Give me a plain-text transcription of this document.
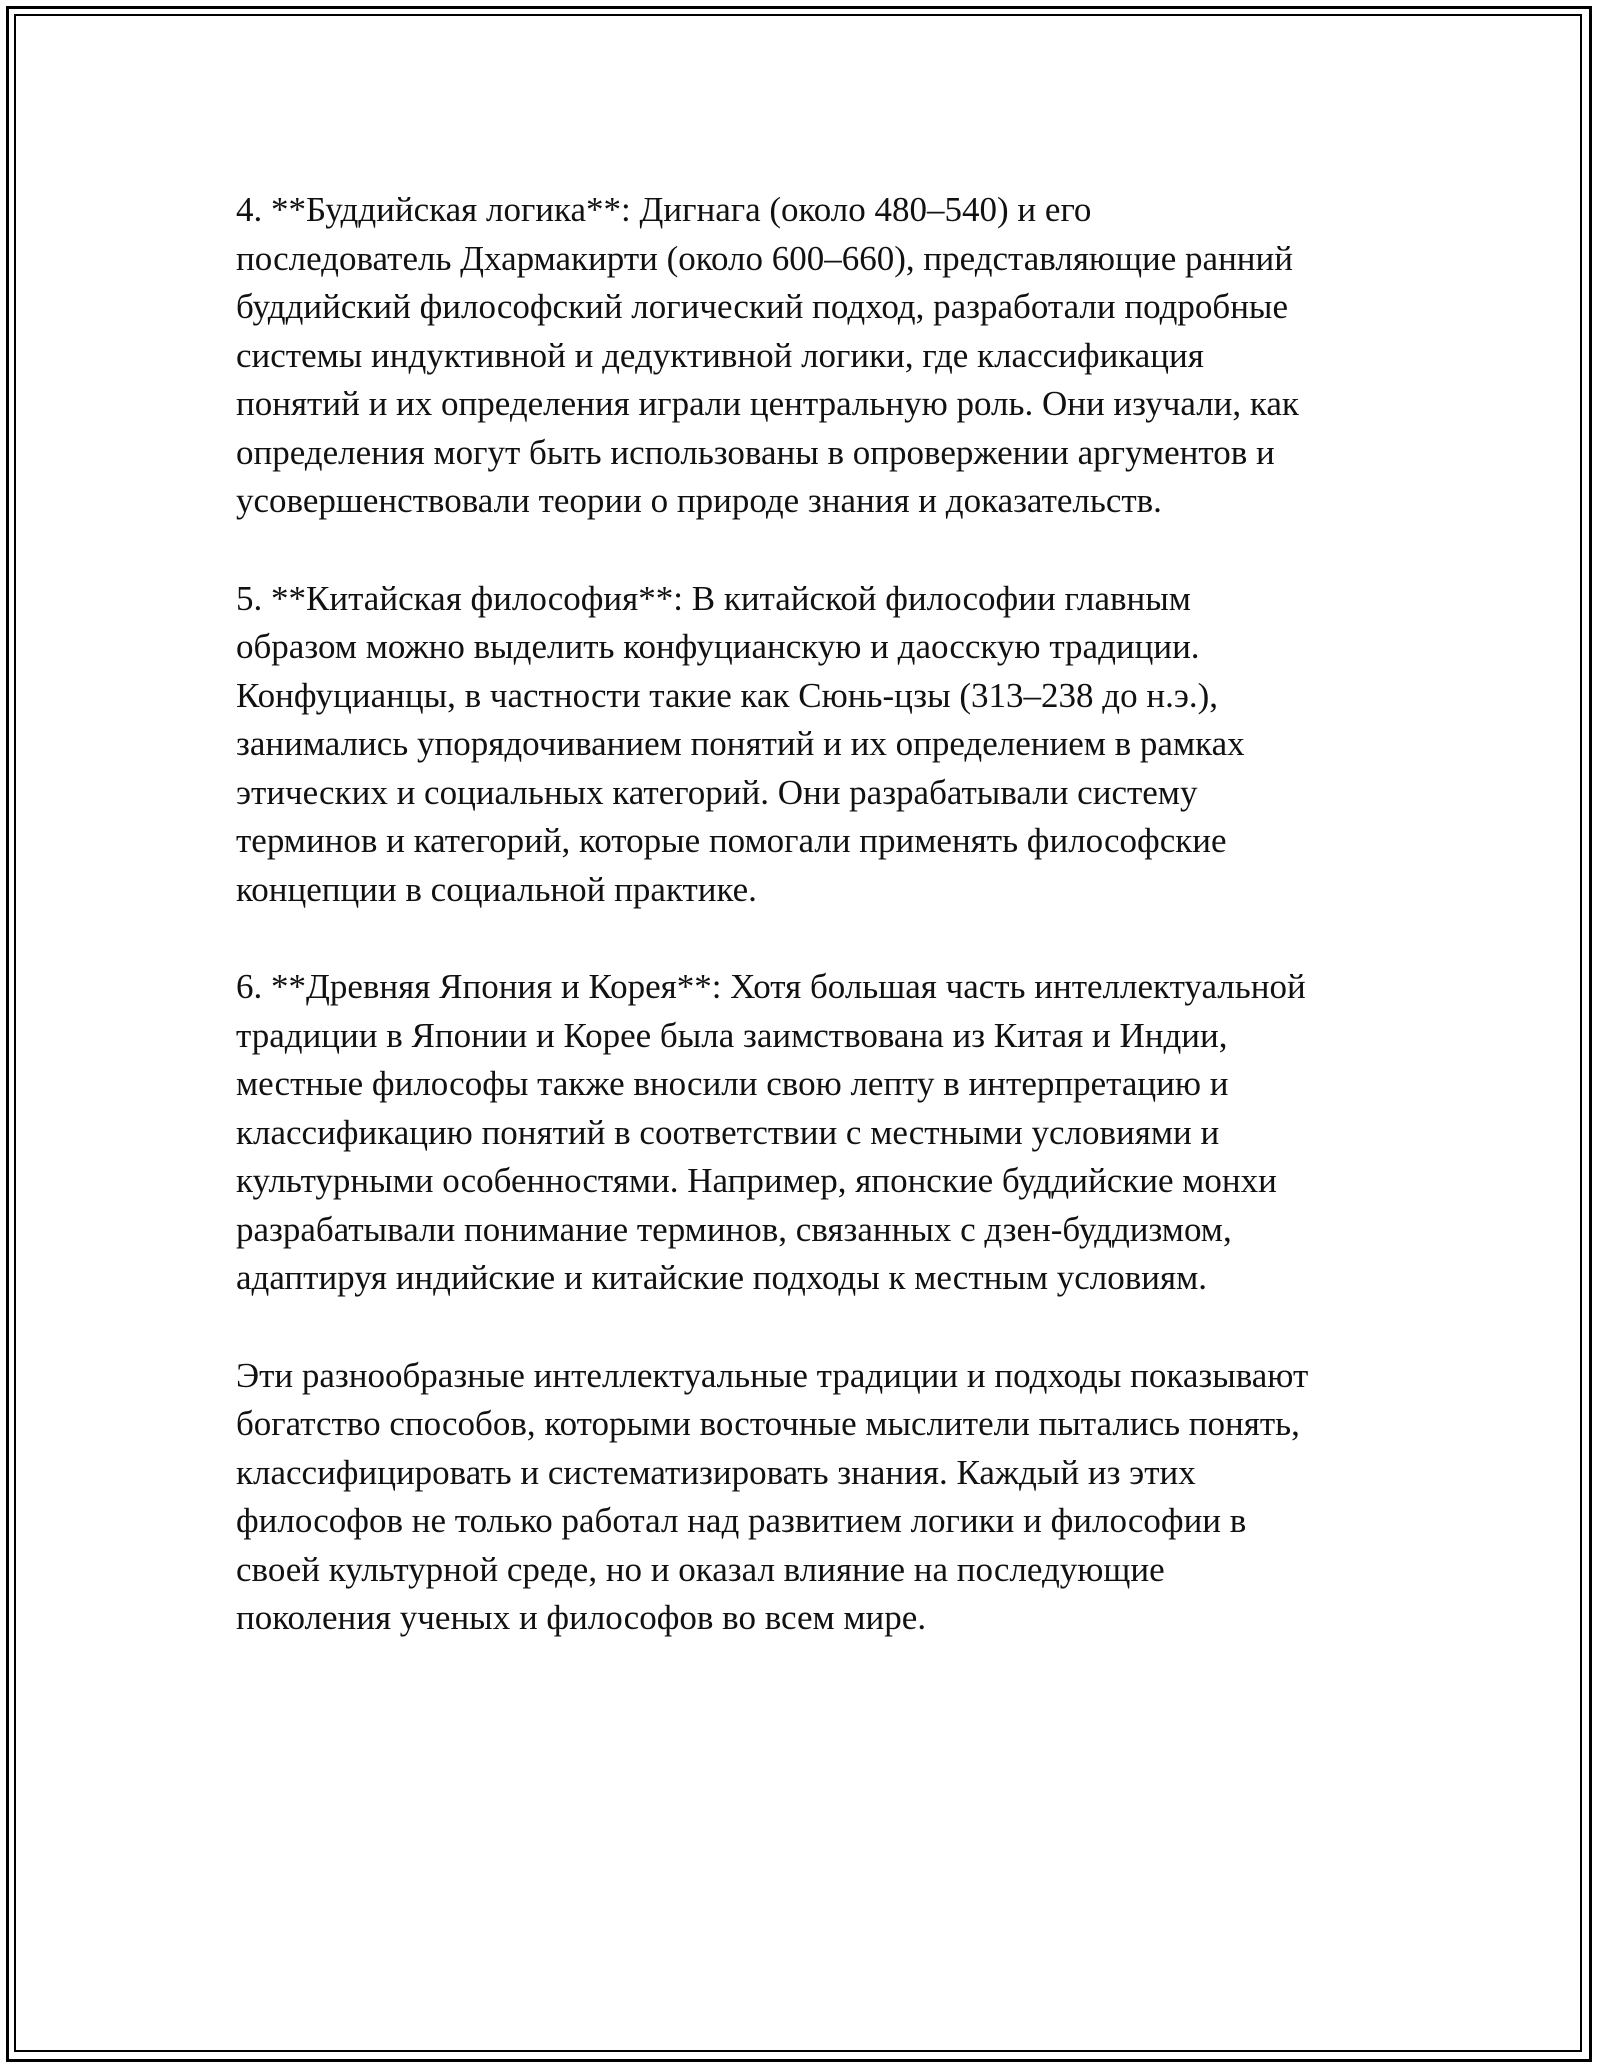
4. **Буддийская логика**: Дигнага (около 480–540) и его
последователь Дхармакирти (около 600–660), представляющие ранний
буддийский философский логический подход, разработали подробные
системы индуктивной и дедуктивной логики, где классификация
понятий и их определения играли центральную роль. Они изучали, как
определения могут быть использованы в опровержении аргументов и
усовершенствовали теории о природе знания и доказательств.

5. **Китайская философия**: В китайской философии главным
образом можно выделить конфуцианскую и даосскую традиции.
Конфуцианцы, в частности такие как Сюнь-цзы (313–238 до н.э.),
занимались упорядочиванием понятий и их определением в рамках
этических и социальных категорий. Они разрабатывали систему
терминов и категорий, которые помогали применять философские
концепции в социальной практике.

6. **Древняя Япония и Корея**: Хотя большая часть интеллектуальной
традиции в Японии и Корее была заимствована из Китая и Индии,
местные философы также вносили свою лепту в интерпретацию и
классификацию понятий в соответствии с местными условиями и
культурными особенностями. Например, японские буддийские монхи
разрабатывали понимание терминов, связанных с дзен-буддизмом,
адаптируя индийские и китайские подходы к местным условиям.

Эти разнообразные интеллектуальные традиции и подходы показывают
богатство способов, которыми восточные мыслители пытались понять,
классифицировать и систематизировать знания. Каждый из этих
философов не только работал над развитием логики и философии в
своей культурной среде, но и оказал влияние на последующие
поколения ученых и философов во всем мире.
